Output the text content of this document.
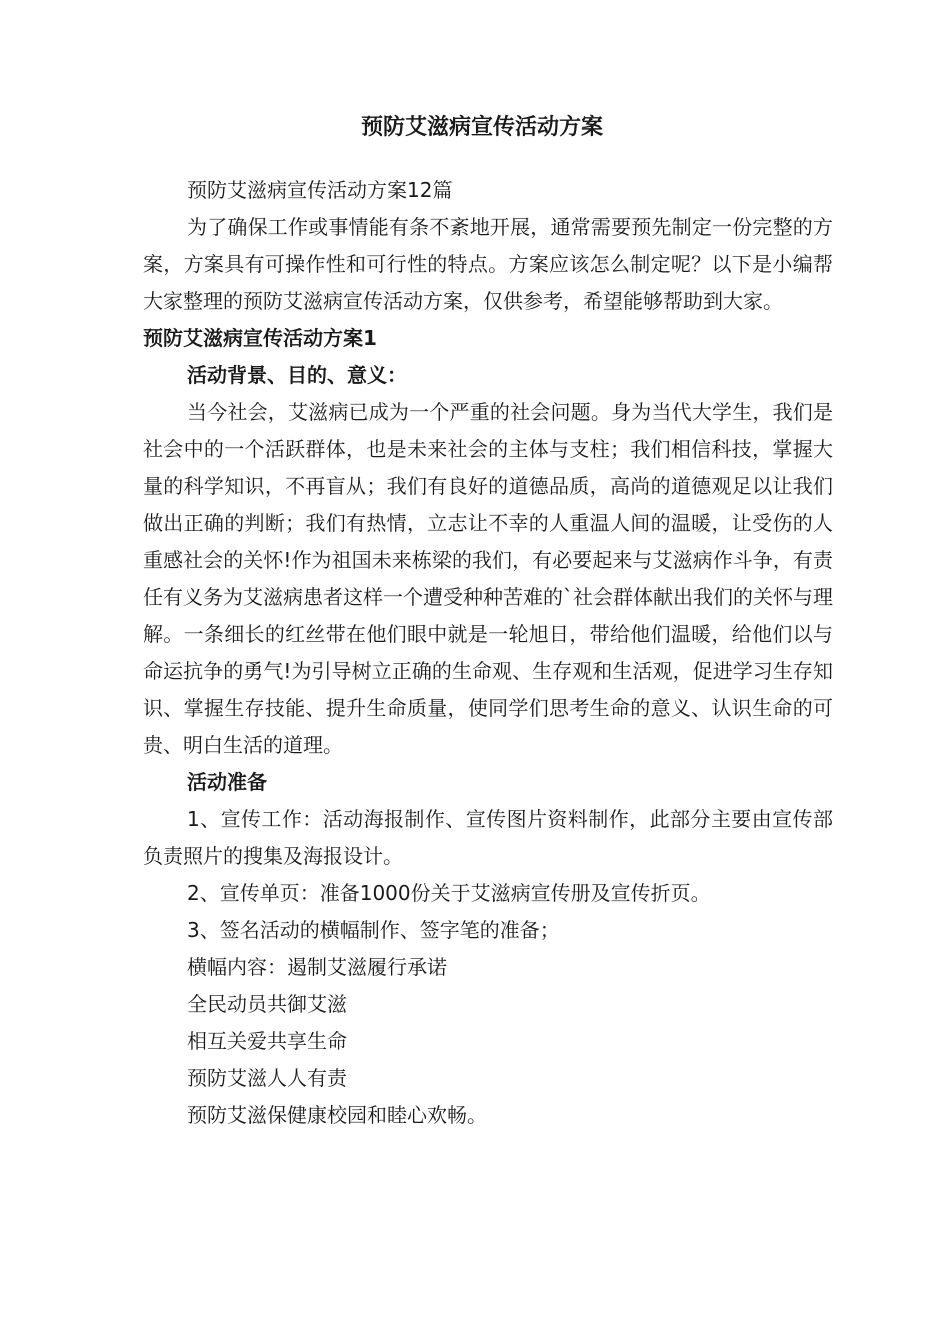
预防艾滋病宣传活动方案

预防艾滋病宣传活动方案12篇

为了确保工作或事情能有条不紊地开展，通常需要预先制定一份完整的方案，方案具有可操作性和可行性的特点。方案应该怎么制定呢？以下是小编帮大家整理的预防艾滋病宣传活动方案，仅供参考，希望能够帮助到大家。

预防艾滋病宣传活动方案1

活动背景、目的、意义：

当今社会，艾滋病已成为一个严重的社会问题。身为当代大学生，我们是社会中的一个活跃群体，也是未来社会的主体与支柱；我们相信科技，掌握大量的科学知识，不再盲从；我们有良好的道德品质，高尚的道德观足以让我们做出正确的判断；我们有热情，立志让不幸的人重温人间的温暖，让受伤的人重感社会的关怀!作为祖国未来栋梁的我们，有必要起来与艾滋病作斗争，有责任有义务为艾滋病患者这样一个遭受种种苦难的`社会群体献出我们的关怀与理解。一条细长的红丝带在他们眼中就是一轮旭日，带给他们温暖，给他们以与命运抗争的勇气!为引导树立正确的生命观、生存观和生活观，促进学习生存知识、掌握生存技能、提升生命质量，使同学们思考生命的意义、认识生命的可贵、明白生活的道理。

活动准备

1、宣传工作：活动海报制作、宣传图片资料制作，此部分主要由宣传部负责照片的搜集及海报设计。

2、宣传单页：准备1000份关于艾滋病宣传册及宣传折页。

3、签名活动的横幅制作、签字笔的准备；

横幅内容：遏制艾滋履行承诺

全民动员共御艾滋

相互关爱共享生命

预防艾滋人人有责

预防艾滋保健康校园和睦心欢畅。
